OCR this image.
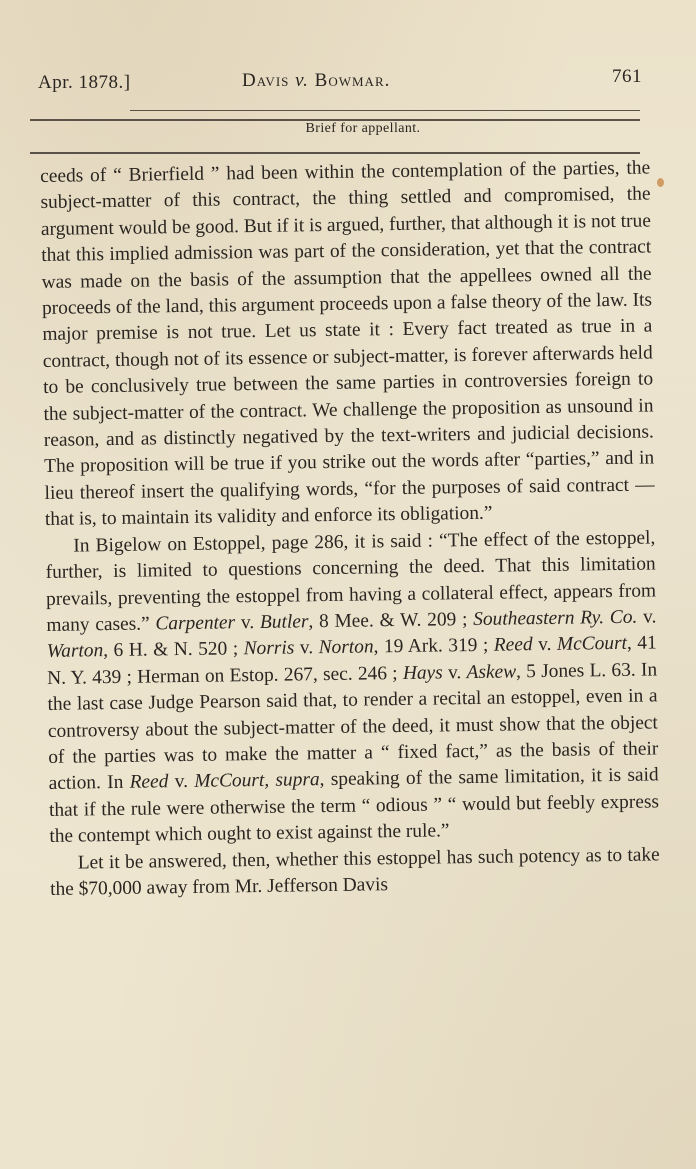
Apr. 1878.]	Davis v. Bowmar.	761
Brief for appellant.

ceeds of “ Brierfield ” had been within the contemplation of the parties, the subject-matter of this contract, the thing settled and compromised, the argument would be good. But if it is argued, further, that although it is not true that this implied admission was part of the consideration, yet that the contract was made on the basis of the assumption that the appellees owned all the proceeds of the land, this argument proceeds upon a false theory of the law. Its major premise is not true. Let us state it : Every fact treated as true in a contract, though not of its essence or subject-matter, is forever afterwards held to be conclusively true between the same parties in controversies foreign to the subject-matter of the contract. We challenge the proposition as unsound in reason, and as distinctly negatived by the text-writers and judicial decisions. The proposition will be true if you strike out the words after “parties,” and in lieu thereof insert the qualifying words, “for the purposes of said contract — that is, to maintain its validity and enforce its obligation.”

In Bigelow on Estoppel, page 286, it is said : “The effect of the estoppel, further, is limited to questions concerning the deed. That this limitation prevails, preventing the estoppel from having a collateral effect, appears from many cases.” Carpenter v. Butler, 8 Mee. & W. 209 ; Southeastern Ry. Co. v. Warton, 6 H. & N. 520 ; Norris v. Norton, 19 Ark. 319 ; Reed v. McCourt, 41 N. Y. 439 ; Herman on Estop. 267, sec. 246 ; Hays v. Askew, 5 Jones L. 63. In the last case Judge Pearson said that, to render a recital an estoppel, even in a controversy about the subject-matter of the deed, it must show that the object of the parties was to make the matter a “ fixed fact,” as the basis of their action. In Reed v. McCourt, supra, speaking of the same limitation, it is said that if the rule were otherwise the term “ odious ” “ would but feebly express the contempt which ought to exist against the rule.”

Let it be answered, then, whether this estoppel has such potency as to take the $70,000 away from Mr. Jefferson Davis
